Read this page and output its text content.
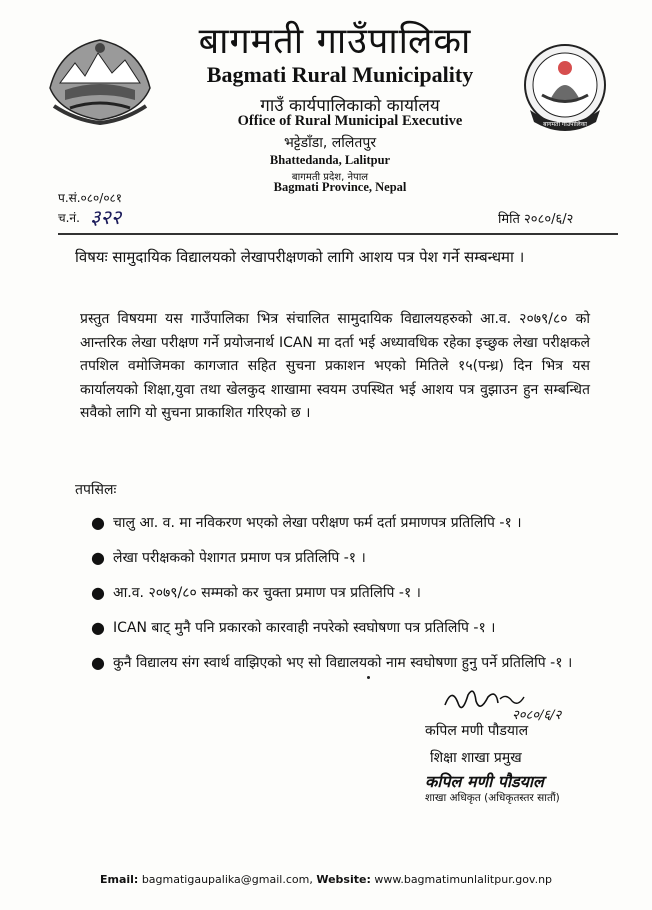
बागमती गाउँपालिका
बागमती गाउँपालिका
Bagmati Rural Municipality
गाउँ कार्यपालिकाको कार्यालय
Office of Rural Municipal Executive
भट्टेडाँडा, ललितपुर
Bhattedanda, Lalitpur
बागमती प्रदेश, नेपाल
Bagmati Province, Nepal
प.सं.०८०/०८१
च.नं. ३२२	मिति २०८०/६/२
विषयः सामुदायिक विद्यालयको लेखापरीक्षणको लागि आशय पत्र पेश गर्ने सम्बन्धमा ।
प्रस्तुत विषयमा यस गाउँपालिका भित्र संचालित सामुदायिक विद्यालयहरुको आ.व. २०७९/८० को आन्तरिक लेखा परीक्षण गर्ने प्रयोजनार्थ ICAN मा दर्ता भई अध्यावधिक रहेका इच्छुक लेखा परीक्षकले तपशिल वमोजिमका कागजात सहित सुचना प्रकाशन भएको मितिले १५(पन्ध्र) दिन भित्र यस कार्यालयको शिक्षा,युवा तथा खेलकुद शाखामा स्वयम उपस्थित भई आशय पत्र वुझाउन हुन सम्बन्धित सवैको लागि यो सुचना प्राकाशित गरिएको छ ।
तपसिलः
● चालु आ. व. मा नविकरण भएको लेखा परीक्षण फर्म दर्ता प्रमाणपत्र प्रतिलिपि -१ ।
● लेखा परीक्षकको पेशागत प्रमाण पत्र प्रतिलिपि -१ ।
● आ.व. २०७९/८० सम्मको कर चुक्ता प्रमाण पत्र प्रतिलिपि -१ ।
● ICAN बाट् मुनै पनि प्रकारको कारवाही नपरेको स्वघोषणा पत्र प्रतिलिपि -१ ।
● कुनै विद्यालय संग स्वार्थ वाझिएको भए सो विद्यालयको नाम स्वघोषणा हुनु पर्ने प्रतिलिपि -१ ।
२०८०/६/२
कपिल मणी पौडयाल
शिक्षा शाखा प्रमुख
कपिल मणी पौडयाल
शाखा अधिकृत (अधिकृतस्तर सातौं)
Email: bagmatigaupalika@gmail.com, Website: www.bagmatimunlalitpur.gov.np
